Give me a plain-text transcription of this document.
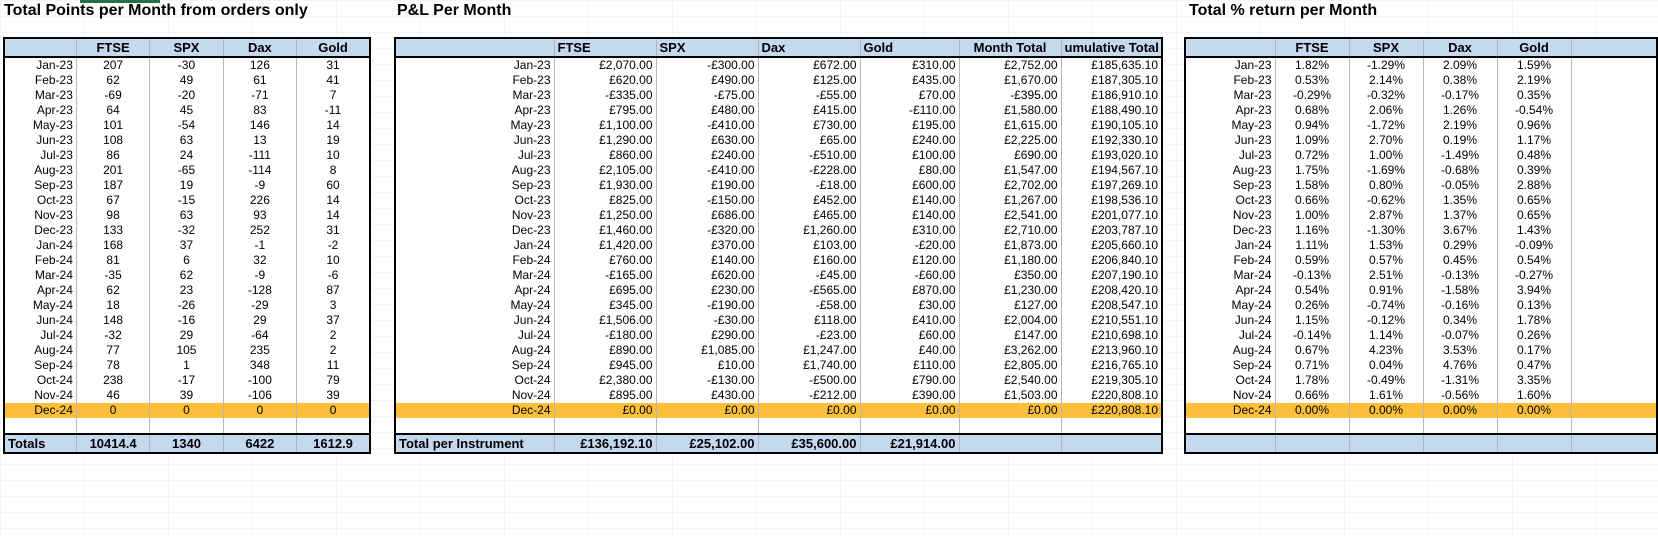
Total Points per Month from orders only	P&L Per Month	Total % return per Month
	FTSE	SPX	Dax	Gold
Jan-23	207	-30	126	31
Feb-23	62	49	61	41
Mar-23	-69	-20	-71	7
Apr-23	64	45	83	-11
May-23	101	-54	146	14
Jun-23	108	63	13	19
Jul-23	86	24	-111	10
Aug-23	201	-65	-114	8
Sep-23	187	19	-9	60
Oct-23	67	-15	226	14
Nov-23	98	63	93	14
Dec-23	133	-32	252	31
Jan-24	168	37	-1	-2
Feb-24	81	6	32	10
Mar-24	-35	62	-9	-6
Apr-24	62	23	-128	87
May-24	18	-26	-29	3
Jun-24	148	-16	29	37
Jul-24	-32	29	-64	2
Aug-24	77	105	235	2
Sep-24	78	1	348	11
Oct-24	238	-17	-100	79
Nov-24	46	39	-106	39
Dec-24	0	0	0	0

Totals	10414.4	1340	6422	1612.9
	FTSE	SPX	Dax	Gold	Month Total	umulative Total
Jan-23	£2,070.00	-£300.00	£672.00	£310.00	£2,752.00	£185,635.10
Feb-23	£620.00	£490.00	£125.00	£435.00	£1,670.00	£187,305.10
Mar-23	-£335.00	-£75.00	-£55.00	£70.00	-£395.00	£186,910.10
Apr-23	£795.00	£480.00	£415.00	-£110.00	£1,580.00	£188,490.10
May-23	£1,100.00	-£410.00	£730.00	£195.00	£1,615.00	£190,105.10
Jun-23	£1,290.00	£630.00	£65.00	£240.00	£2,225.00	£192,330.10
Jul-23	£860.00	£240.00	-£510.00	£100.00	£690.00	£193,020.10
Aug-23	£2,105.00	-£410.00	-£228.00	£80.00	£1,547.00	£194,567.10
Sep-23	£1,930.00	£190.00	-£18.00	£600.00	£2,702.00	£197,269.10
Oct-23	£825.00	-£150.00	£452.00	£140.00	£1,267.00	£198,536.10
Nov-23	£1,250.00	£686.00	£465.00	£140.00	£2,541.00	£201,077.10
Dec-23	£1,460.00	-£320.00	£1,260.00	£310.00	£2,710.00	£203,787.10
Jan-24	£1,420.00	£370.00	£103.00	-£20.00	£1,873.00	£205,660.10
Feb-24	£760.00	£140.00	£160.00	£120.00	£1,180.00	£206,840.10
Mar-24	-£165.00	£620.00	-£45.00	-£60.00	£350.00	£207,190.10
Apr-24	£695.00	£230.00	-£565.00	£870.00	£1,230.00	£208,420.10
May-24	£345.00	-£190.00	-£58.00	£30.00	£127.00	£208,547.10
Jun-24	£1,506.00	-£30.00	£118.00	£410.00	£2,004.00	£210,551.10
Jul-24	-£180.00	£290.00	-£23.00	£60.00	£147.00	£210,698.10
Aug-24	£890.00	£1,085.00	£1,247.00	£40.00	£3,262.00	£213,960.10
Sep-24	£945.00	£10.00	£1,740.00	£110.00	£2,805.00	£216,765.10
Oct-24	£2,380.00	-£130.00	-£500.00	£790.00	£2,540.00	£219,305.10
Nov-24	£895.00	£430.00	-£212.00	£390.00	£1,503.00	£220,808.10
Dec-24	£0.00	£0.00	£0.00	£0.00	£0.00	£220,808.10

Total per Instrument	£136,192.10	£25,102.00	£35,600.00	£21,914.00		
	FTSE	SPX	Dax	Gold	
Jan-23	1.82%	-1.29%	2.09%	1.59%	
Feb-23	0.53%	2.14%	0.38%	2.19%	
Mar-23	-0.29%	-0.32%	-0.17%	0.35%	
Apr-23	0.68%	2.06%	1.26%	-0.54%	
May-23	0.94%	-1.72%	2.19%	0.96%	
Jun-23	1.09%	2.70%	0.19%	1.17%	
Jul-23	0.72%	1.00%	-1.49%	0.48%	
Aug-23	1.75%	-1.69%	-0.68%	0.39%	
Sep-23	1.58%	0.80%	-0.05%	2.88%	
Oct-23	0.66%	-0.62%	1.35%	0.65%	
Nov-23	1.00%	2.87%	1.37%	0.65%	
Dec-23	1.16%	-1.30%	3.67%	1.43%	
Jan-24	1.11%	1.53%	0.29%	-0.09%	
Feb-24	0.59%	0.57%	0.45%	0.54%	
Mar-24	-0.13%	2.51%	-0.13%	-0.27%	
Apr-24	0.54%	0.91%	-1.58%	3.94%	
May-24	0.26%	-0.74%	-0.16%	0.13%	
Jun-24	1.15%	-0.12%	0.34%	1.78%	
Jul-24	-0.14%	1.14%	-0.07%	0.26%	
Aug-24	0.67%	4.23%	3.53%	0.17%	
Sep-24	0.71%	0.04%	4.76%	0.47%	
Oct-24	1.78%	-0.49%	-1.31%	3.35%	
Nov-24	0.66%	1.61%	-0.56%	1.60%	
Dec-24	0.00%	0.00%	0.00%	0.00%	
